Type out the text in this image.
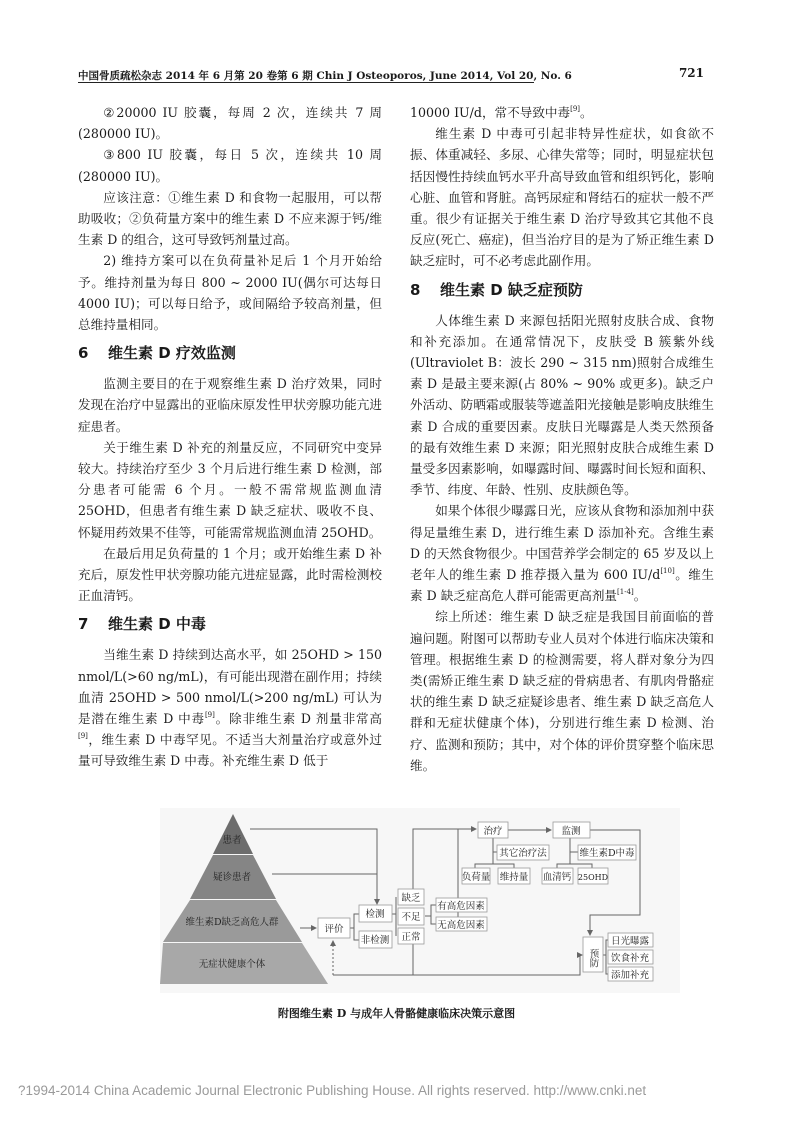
中国骨质疏松杂志 2014 年 6 月第 20 卷第 6 期 Chin J Osteoporos, June 2014, Vol 20, No. 6	721

②20000 IU 胶囊，每周 2 次，连续共 7 周(280000 IU)。

③800 IU 胶囊，每日 5 次，连续共 10 周(280000 IU)。

应该注意：①维生素 D 和食物一起服用，可以帮助吸收；②负荷量方案中的维生素 D 不应来源于钙/维生素 D 的组合，这可导致钙剂量过高。

2) 维持方案可以在负荷量补足后 1 个月开始给予。维持剂量为每日 800 ~ 2000 IU(偶尔可达每日 4000 IU)；可以每日给予，或间隔给予较高剂量，但总维持量相同。

6 维生素 D 疗效监测

监测主要目的在于观察维生素 D 治疗效果，同时发现在治疗中显露出的亚临床原发性甲状旁腺功能亢进症患者。

关于维生素 D 补充的剂量反应，不同研究中变异较大。持续治疗至少 3 个月后进行维生素 D 检测，部分患者可能需 6 个月。一般不需常规监测血清 25OHD，但患者有维生素 D 缺乏症状、吸收不良、怀疑用药效果不佳等，可能需常规监测血清 25OHD。

在最后用足负荷量的 1 个月；或开始维生素 D 补充后，原发性甲状旁腺功能亢进症显露，此时需检测校正血清钙。

7 维生素 D 中毒

当维生素 D 持续到达高水平，如 25OHD > 150 nmol/L(>60 ng/mL)，有可能出现潜在副作用；持续血清 25OHD > 500 nmol/L(>200 ng/mL) 可认为是潜在维生素 D 中毒[9]。除非维生素 D 剂量非常高[9]，维生素 D 中毒罕见。不适当大剂量治疗或意外过量可导致维生素 D 中毒。补充维生素 D 低于

10000 IU/d，常不导致中毒[9]。

维生素 D 中毒可引起非特异性症状，如食欲不振、体重减轻、多尿、心律失常等；同时，明显症状包括因慢性持续血钙水平升高导致血管和组织钙化，影响心脏、血管和肾脏。高钙尿症和肾结石的症状一般不严重。很少有证据关于维生素 D 治疗导致其它其他不良反应(死亡、癌症)，但当治疗目的是为了矫正维生素 D 缺乏症时，可不必考虑此副作用。

8 维生素 D 缺乏症预防

人体维生素 D 来源包括阳光照射皮肤合成、食物和补充添加。在通常情况下，皮肤受 B 簇紫外线(Ultraviolet B：波长 290 ~ 315 nm)照射合成维生素 D 是最主要来源(占 80% ~ 90% 或更多)。缺乏户外活动、防晒霜或服装等遮盖阳光接触是影响皮肤维生素 D 合成的重要因素。皮肤日光曝露是人类天然预备的最有效维生素 D 来源；阳光照射皮肤合成维生素 D 量受多因素影响，如曝露时间、曝露时间长短和面积、季节、纬度、年龄、性别、皮肤颜色等。

如果个体很少曝露日光，应该从食物和添加剂中获得足量维生素 D，进行维生素 D 添加补充。含维生素 D 的天然食物很少。中国营养学会制定的 65 岁及以上老年人的维生素 D 推荐摄入量为 600 IU/d[10]。维生素 D 缺乏症高危人群可能需更高剂量[1-4]。

综上所述：维生素 D 缺乏症是我国目前面临的普遍问题。附图可以帮助专业人员对个体进行临床决策和管理。根据维生素 D 的检测需要，将人群对象分为四类(需矫正维生素 D 缺乏症的骨病患者、有肌肉骨骼症状的维生素 D 缺乏症疑诊患者、维生素 D 缺乏高危人群和无症状健康个体)，分别进行维生素 D 检测、治疗、监测和预防；其中，对个体的评价贯穿整个临床思维。

患者
疑诊患者
维生素D缺乏高危人群
无症状健康个体
评价
检测
非检测
缺乏
不足
正常
有高危因素
无高危因素
治疗	监测
其它治疗法	维生素D中毒
负荷量 维持量 血清钙 25OHD
预防
日光曝露
饮食补充
添加补充
附图维生素 D 与成年人骨骼健康临床决策示意图
?1994-2014 China Academic Journal Electronic Publishing House. All rights reserved. http://www.cnki.net
